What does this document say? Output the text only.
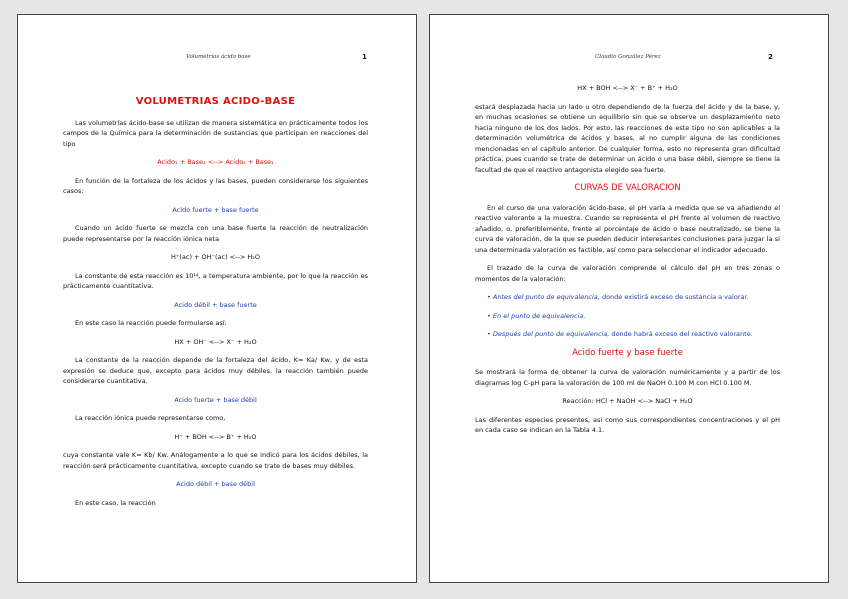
Volumetrías ácido base	1
VOLUMETRIAS ACIDO-BASE

Las volumetrías ácido-base se utilizan de manera sistemática en prácticamente todos los campos de la Química para la determinación de sustancias que participan en reacciones del tipo

Acido₁ + Base₂ <--> Acido₂ + Base₁

En función de la fortaleza de los ácidos y las bases, pueden considerarse los siguientes casos:

Acido fuerte + base fuerte

Cuando un ácido fuerte se mezcla con una base fuerte la reacción de neutralización puede representarse por la reacción iónica neta

H⁺(ac) + OH⁻(ac) <--> H₂O

La constante de esta reacción es 10¹⁴, a temperatura ambiente, por lo que la reacción es prácticamente cuantitativa.

Acido débil + base fuerte

En este caso la reacción puede formularse así:

HX + OH⁻ <--> X⁻ + H₂O

La constante de la reacción depende de la fortaleza del ácido, K= Ka/ Kw, y de esta expresión se deduce que, excepto para ácidos muy débiles, la reacción también puede considerarse cuantitativa.

Acido fuerte + base débil

La reacción iónica puede representarse como,

H⁺ + BOH <--> B⁺ + H₂O

cuya constante vale K= Kb/ Kw. Análogamente a lo que se indicó para los ácidos débiles, la reacción será prácticamente cuantitativa, excepto cuando se trate de bases muy débiles.

Acido débil + base débil

En este caso, la reacción

Claudio González Pérez	2

HX + BOH <--> X⁻ + B⁺ + H₂O

estará desplazada hacia un lado u otro dependiendo de la fuerza del ácido y de la base, y, en muchas ocasiones se obtiene un equilibrio sin que se observe un desplazamiento neto hacia ninguno de los dos lados. Por esto, las reacciones de este tipo no son aplicables a la determinación volumétrica de ácidos y bases, al no cumplir alguna de las condiciones mencionadas en el capítulo anterior. De cualquier forma, esto no representa gran dificultad práctica, pues cuando se trate de determinar un ácido o una base débil, siempre se tiene la facultad de que el reactivo antagonista elegido sea fuerte.

CURVAS DE VALORACION

En el curso de una valoración ácido-base, el pH varía a medida que se va añadiendo el reactivo valorante a la muestra. Cuando se representa el pH frente al volumen de reactivo añadido, o, preferiblemente, frente al porcentaje de ácido o base neutralizado, se tiene la curva de valoración, de la que se pueden deducir interesantes conclusiones para juzgar la si una determinada valoración es factible, así como para seleccionar el indicador adecuado.

El trazado de la curva de valoración comprende el cálculo del pH en tres zonas o momentos de la valoración:

• Antes del punto de equivalencia, donde existirá exceso de sustancia a valorar.

• En el punto de equivalencia.

• Después del punto de equivalencia, donde habrá exceso del reactivo valorante.

Acido fuerte y base fuerte

Se mostrará la forma de obtener la curva de valoración numéricamente y a partir de los diagramas log C-pH para la valoración de 100 ml de NaOH 0.100 M con HCl 0.100 M.

Reacción: HCl + NaOH <--> NaCl + H₂O

Las diferentes especies presentes, así como sus correspondientes concentraciones y el pH en cada caso se indican en la Tabla 4.1.
